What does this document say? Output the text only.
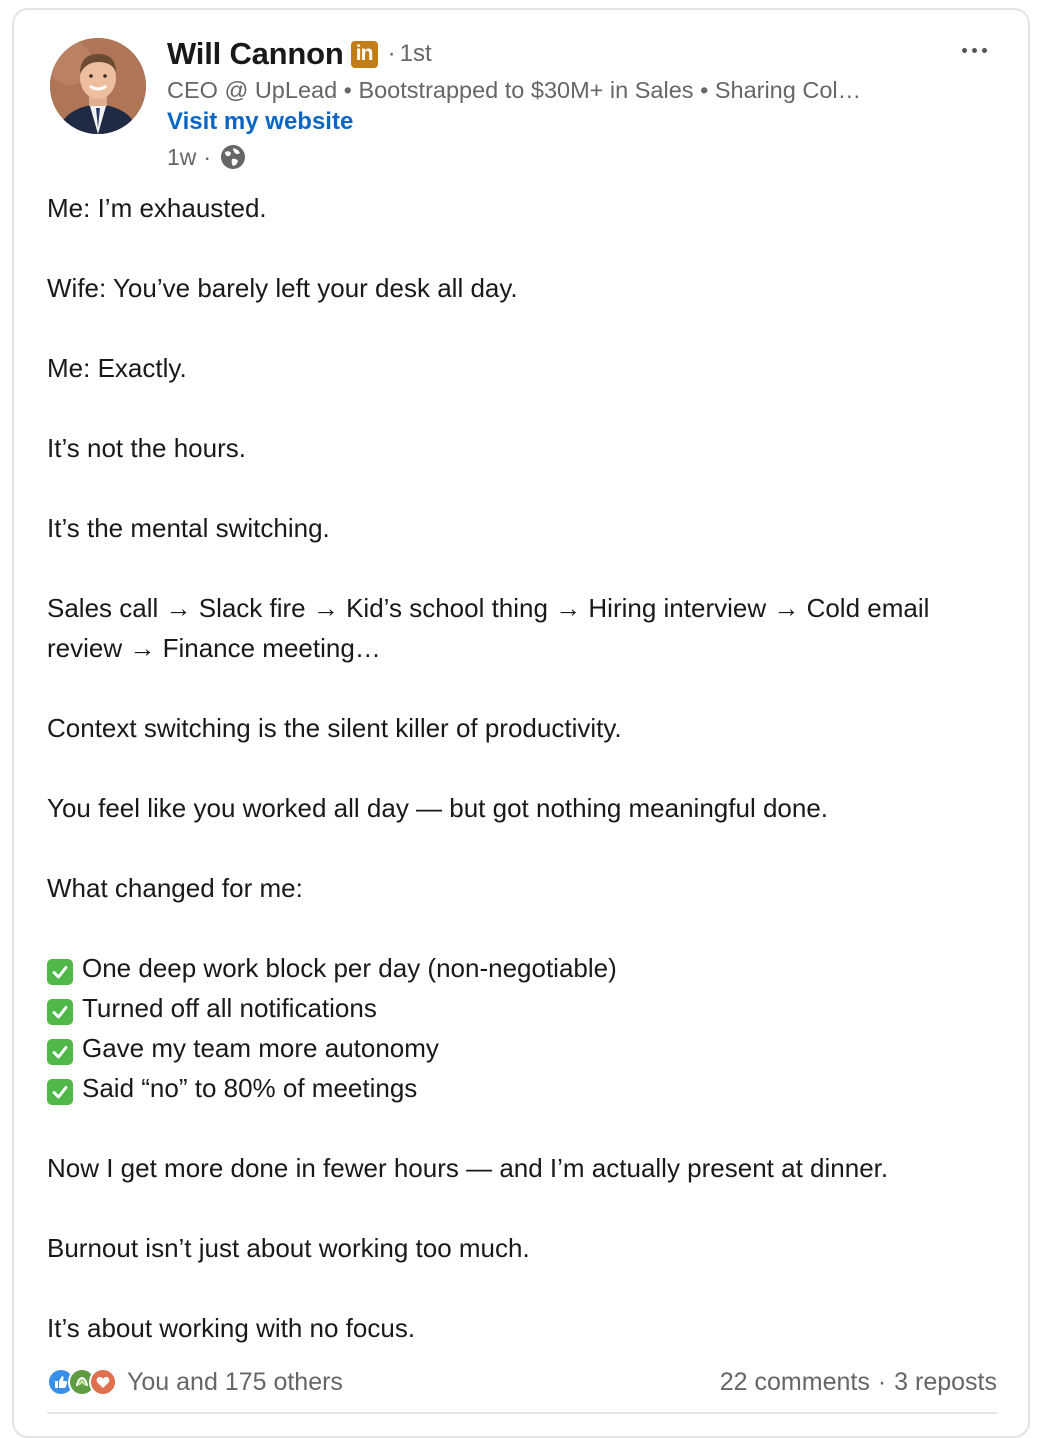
Will Cannon in · 1st
CEO @ UpLead • Bootstrapped to $30M+ in Sales • Sharing Col…
Visit my website
1w ·

Me: I’m exhausted.

Wife: You’ve barely left your desk all day.

Me: Exactly.

It’s not the hours.

It’s the mental switching.

Sales call → Slack fire → Kid’s school thing → Hiring interview → Cold email review → Finance meeting…

Context switching is the silent killer of productivity.

You feel like you worked all day — but got nothing meaningful done.

What changed for me:

One deep work block per day (non-negotiable)

Turned off all notifications

Gave my team more autonomy

Said “no” to 80% of meetings

Now I get more done in fewer hours — and I’m actually present at dinner.

Burnout isn’t just about working too much.

It’s about working with no focus.

You and 175 others	22 comments · 3 reposts
